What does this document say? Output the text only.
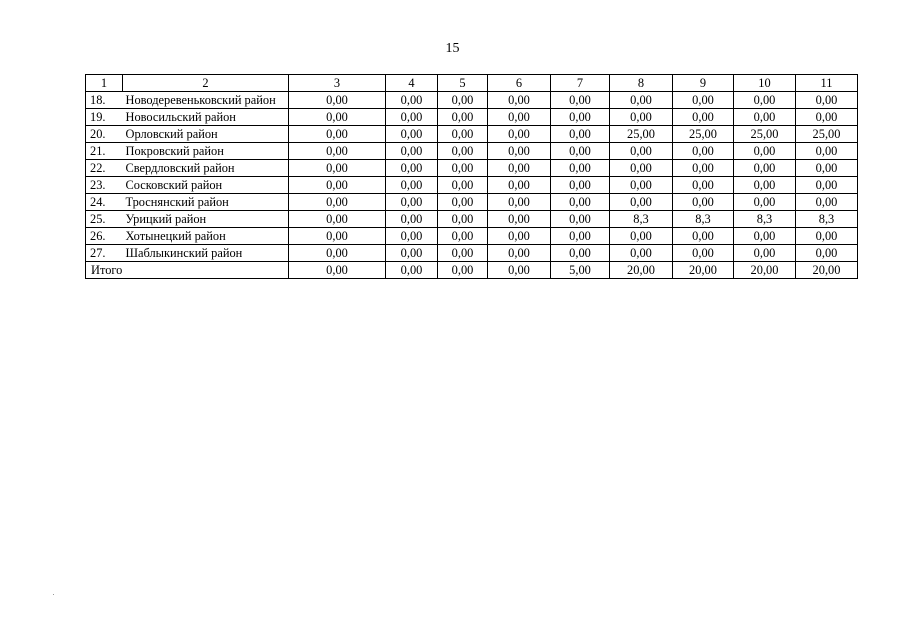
15
1	2	3	4	5	6	7	8	9	10	11
18.	Новодеревеньковский район	0,00	0,00	0,00	0,00	0,00	0,00	0,00	0,00	0,00
19.	Новосильский район	0,00	0,00	0,00	0,00	0,00	0,00	0,00	0,00	0,00
20.	Орловский район	0,00	0,00	0,00	0,00	0,00	25,00	25,00	25,00	25,00
21.	Покровский район	0,00	0,00	0,00	0,00	0,00	0,00	0,00	0,00	0,00
22.	Свердловский район	0,00	0,00	0,00	0,00	0,00	0,00	0,00	0,00	0,00
23.	Сосковский район	0,00	0,00	0,00	0,00	0,00	0,00	0,00	0,00	0,00
24.	Троснянский район	0,00	0,00	0,00	0,00	0,00	0,00	0,00	0,00	0,00
25.	Урицкий район	0,00	0,00	0,00	0,00	0,00	8,3	8,3	8,3	8,3
26.	Хотынецкий район	0,00	0,00	0,00	0,00	0,00	0,00	0,00	0,00	0,00
27.	Шаблыкинский район	0,00	0,00	0,00	0,00	0,00	0,00	0,00	0,00	0,00
Итого		0,00	0,00	0,00	0,00	5,00	20,00	20,00	20,00	20,00
